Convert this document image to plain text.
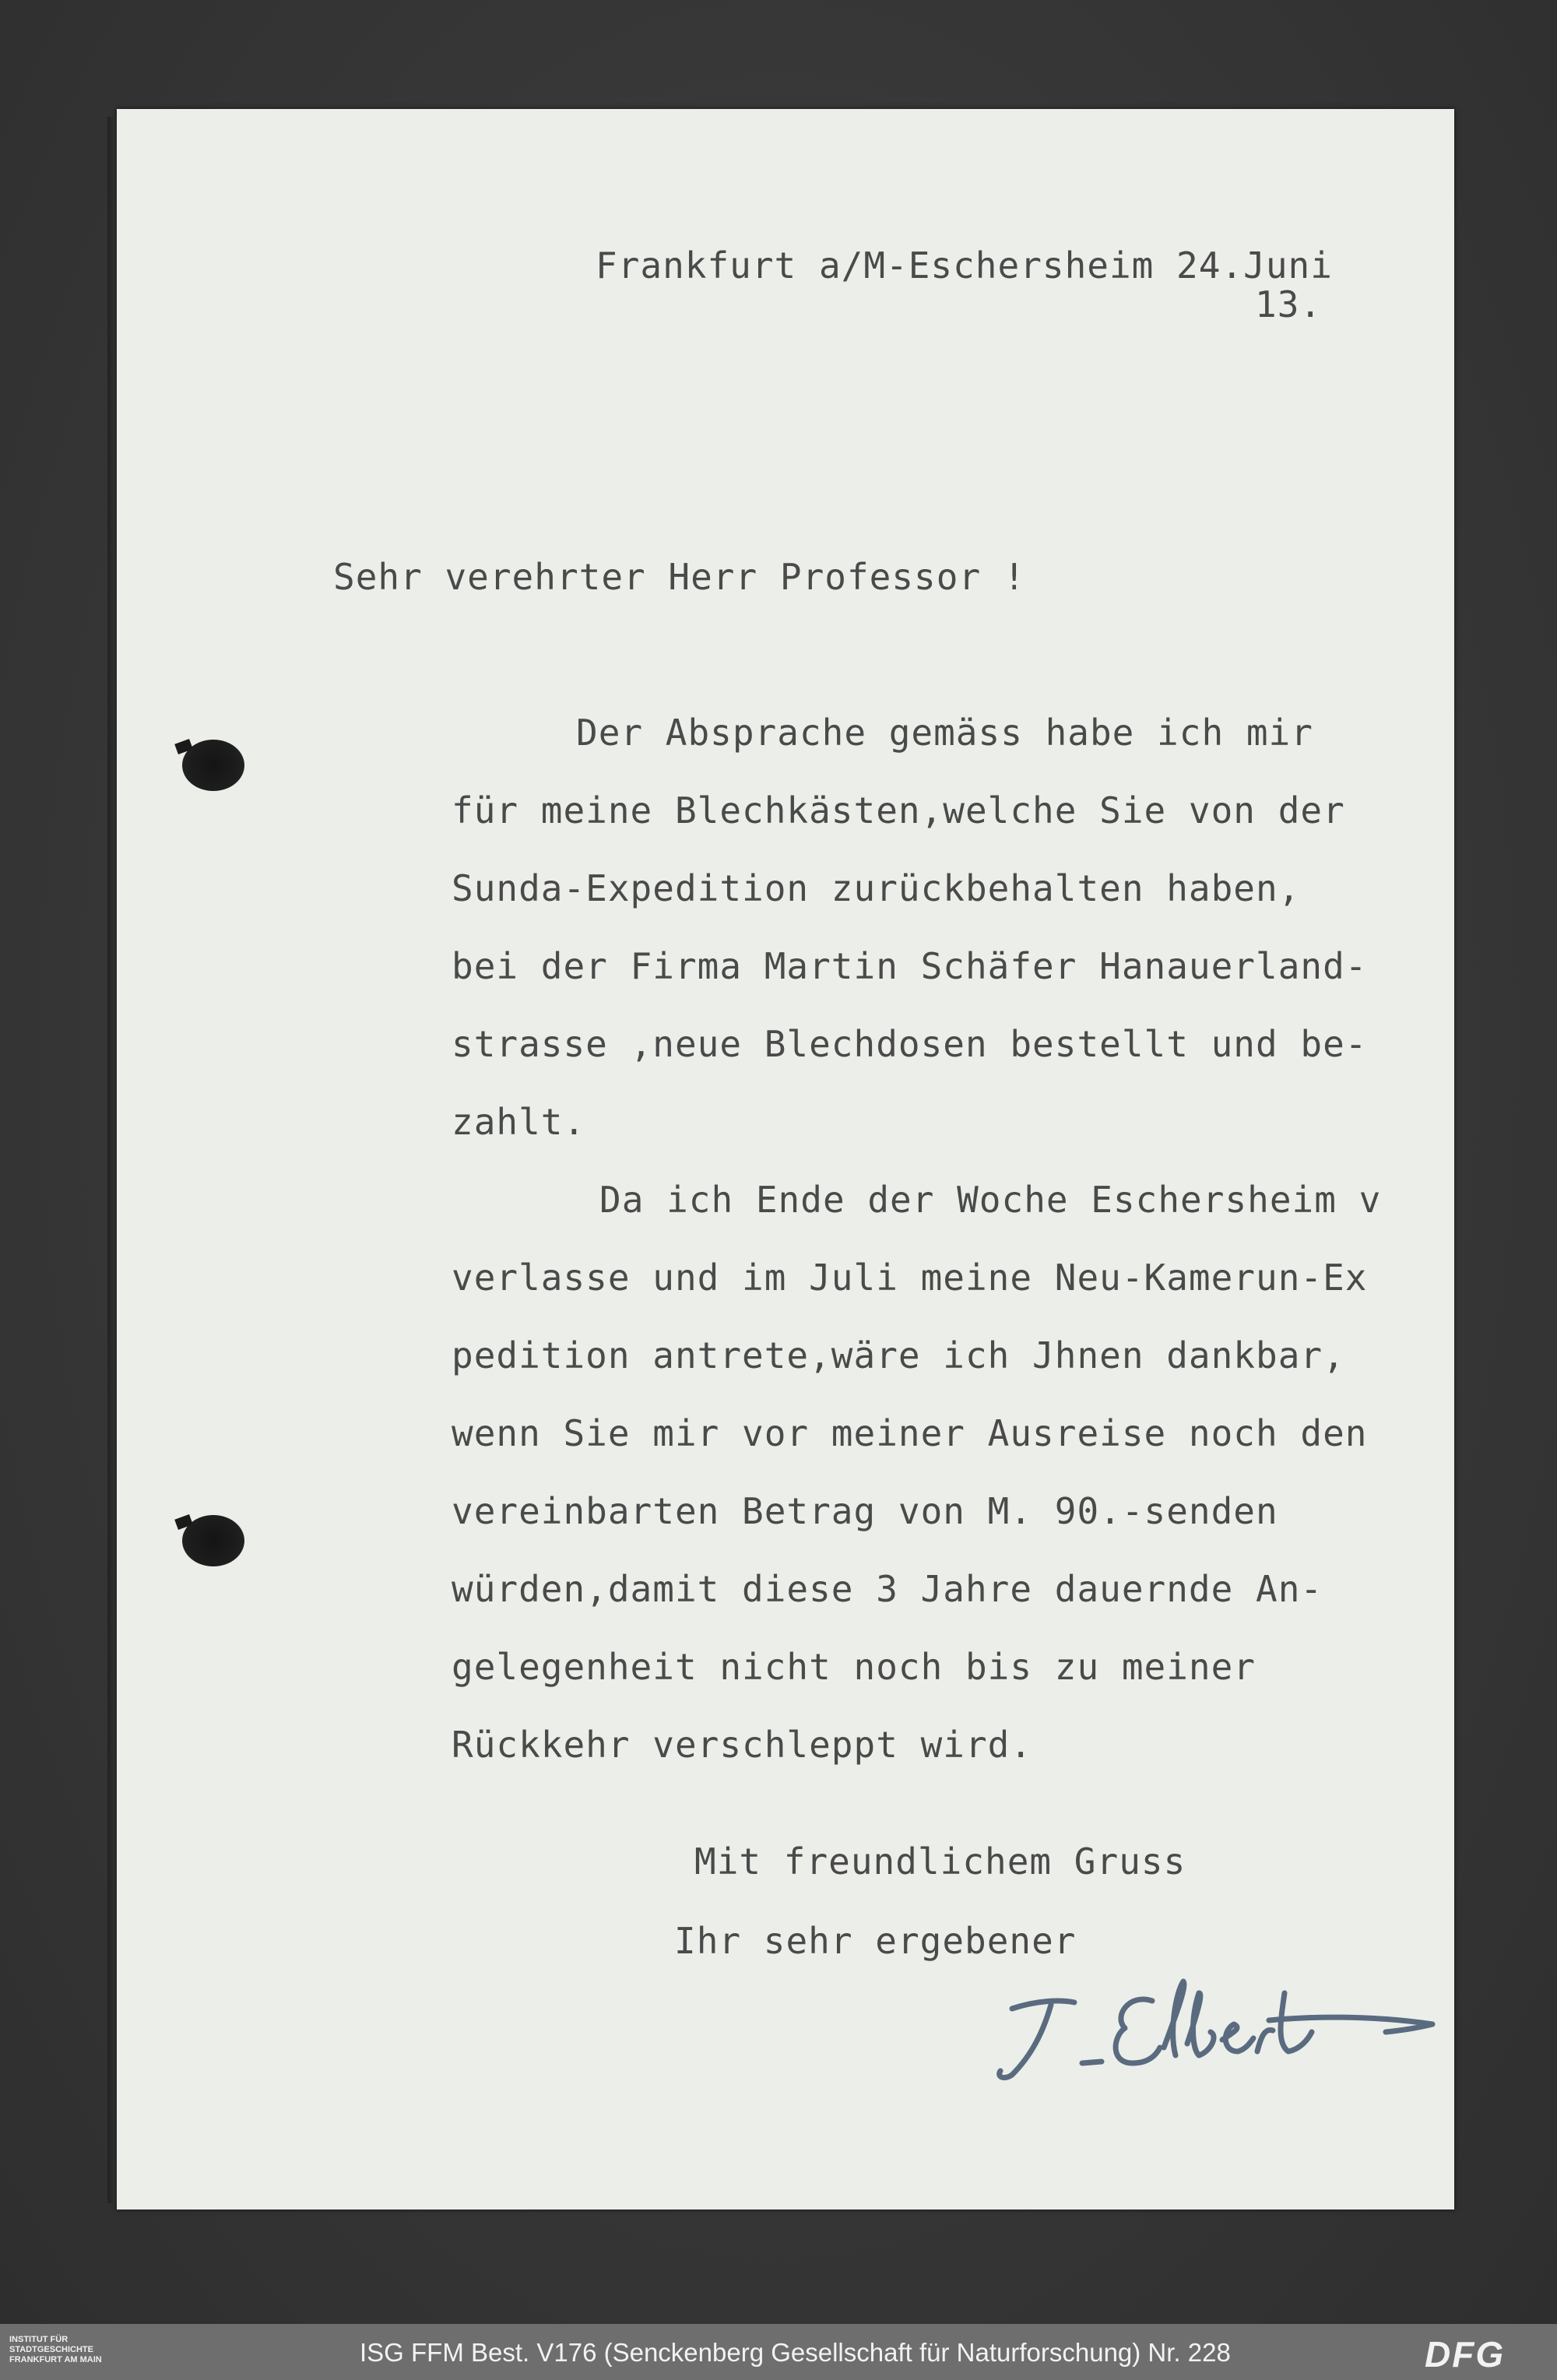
Frankfurt a/M-Eschersheim 24.Juni
13.
Sehr verehrter Herr Professor !
Der Absprache gemäss habe ich mir
für meine Blechkästen,welche Sie von der
Sunda-Expedition zurückbehalten haben,
bei der Firma Martin Schäfer Hanauerland-
strasse ,neue Blechdosen bestellt und be-
zahlt.
Da ich Ende der Woche Eschersheim v
verlasse und im Juli meine Neu-Kamerun-Ex
pedition antrete,wäre ich Jhnen dankbar,
wenn Sie mir vor meiner Ausreise noch den
vereinbarten Betrag von M. 90.-senden
würden,damit diese 3 Jahre dauernde An-
gelegenheit nicht noch bis zu meiner
Rückkehr verschleppt wird.
Mit freundlichem Gruss
Ihr sehr ergebener
INSTITUT FÜR
STADTGESCHICHTE
FRANKFURT AM MAIN	ISG FFM Best. V176 (Senckenberg Gesellschaft für Naturforschung) Nr. 228	DFG
